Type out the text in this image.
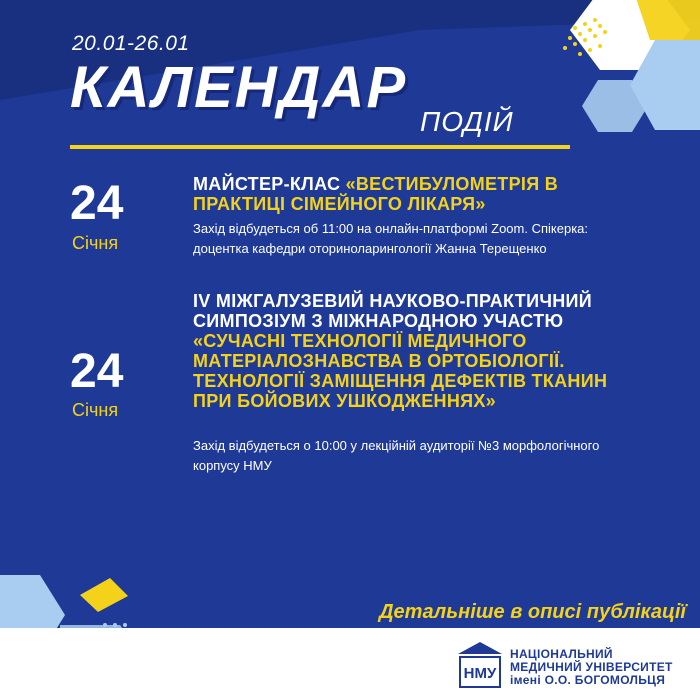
20.01-26.01
КАЛЕНДАР
ПОДІЙ
24
Січня
МАЙСТЕР-КЛАС «ВЕСТИБУЛОМЕТРІЯ В ПРАКТИЦІ СІМЕЙНОГО ЛІКАРЯ»
Захід відбудеться об 11:00 на онлайн-платформі Zoom. Спікерка: доцентка кафедри оториноларингології Жанна Терещенко
24
Січня
IV МІЖГАЛУЗЕВИЙ НАУКОВО-ПРАКТИЧНИЙ СИМПОЗІУМ З МІЖНАРОДНОЮ УЧАСТЮ «СУЧАСНІ ТЕХНОЛОГІЇ МЕДИЧНОГО МАТЕРІАЛОЗНАВСТВА В ОРТОБІОЛОГІЇ. ТЕХНОЛОГІЇ ЗАМІЩЕННЯ ДЕФЕКТІВ ТКАНИН ПРИ БОЙОВИХ УШКОДЖЕННЯХ»
Захід відбудеться о 10:00 у лекційній аудиторії №3 морфологічного корпусу НМУ
Детальніше в описі публікації
НМУ
НАЦІОНАЛЬНИЙ
МЕДИЧНИЙ УНІВЕРСИТЕТ
імені О.О. БОГОМОЛЬЦЯ
